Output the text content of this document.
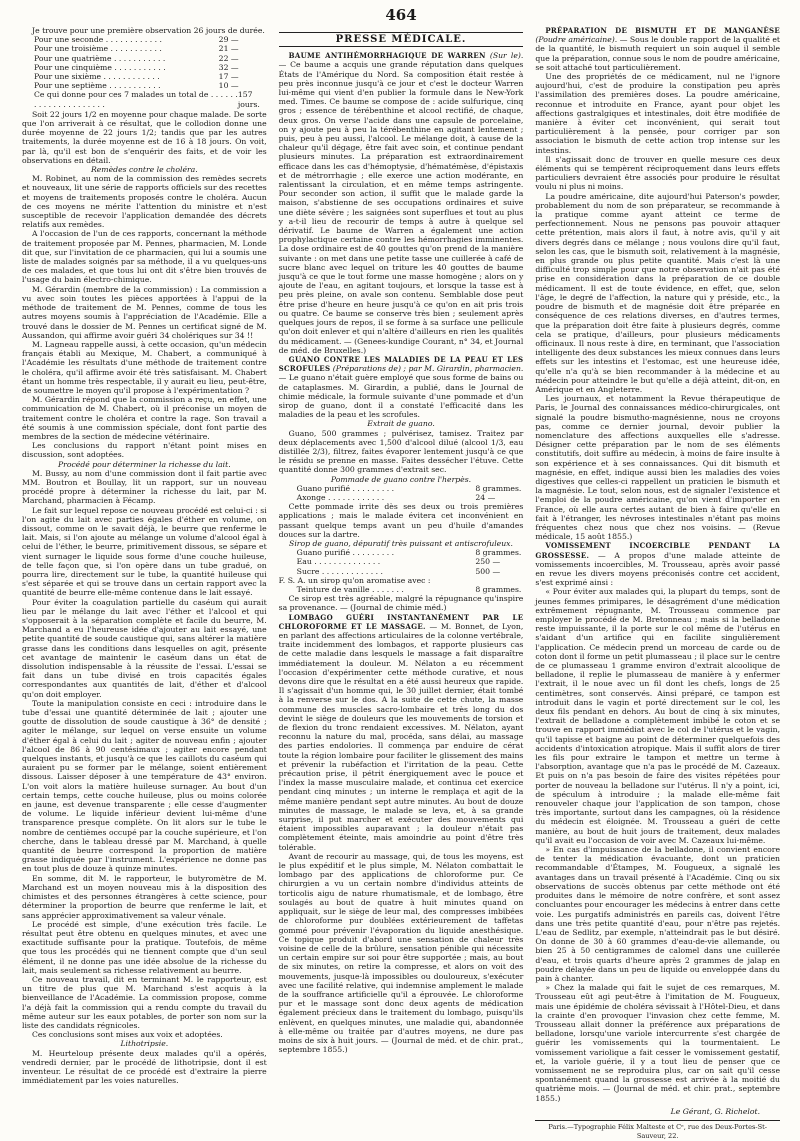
464

Je trouve pour une première observation 26 jours de durée.

Pour une seconde . . . . . . . . . . . .	29 —
Pour une troisième . . . . . . . . . . .	21 —
Pour une quatrième . . . . . . . . . . .	22 —
Pour une cinquième . . . . . . . . . . .	32 —
Pour une sixième . . . . . . . . . . . .	17 —
Pour une septième . . . . . . . . . . .	10 —
Ce qui donne pour ces 7 malades un total de . . . . . . . . . . . . . . . . . . . . .
157 jours.

Soit 22 jours 1/2 en moyenne pour chaque malade. De sorte que l'on arriverait à ce résultat, que le collodion donne une durée moyenne de 22 jours 1/2; tandis que par les autres traitements, la durée moyenne est de 16 à 18 jours. On voit, par là, qu'il est bon de s'enquérir des faits, et de voir les observations en détail.

Remèdes contre le choléra.

M. Robinet, au nom de la commission des remèdes secrets et nouveaux, lit une série de rapports officiels sur des recettes et moyens de traitements proposés contre le choléra. Aucun de ces moyens ne mérite l'attention du ministre et n'est susceptible de recevoir l'application demandée des décrets relatifs aux remèdes.

A l'occasion de l'un de ces rapports, concernant la méthode de traitement proposée par M. Pennes, pharmacien, M. Londe dit que, sur l'invitation de ce pharmacien, qui lui a soumis une liste de malades soignés par sa méthode, il a vu quelques-uns de ces malades, et que tous lui ont dit s'être bien trouvés de l'usage du bain électro-chimique.

M. Gérardin (membre de la commission) : La commission a vu avec soin toutes les pièces apportées à l'appui de la méthode de traitement de M. Pennes, comme de tous les autres moyens soumis à l'appréciation de l'Académie. Elle a trouvé dans le dossier de M. Pennes un certificat signé de M. Aussandon, qui affirme avoir guéri 34 cholériques sur 34 !!

M. Lagneau rappelle aussi, à cette occasion, qu'un médecin français établi au Mexique, M. Chabert, a communiqué à l'Académie les résultats d'une méthode de traitement contre le choléra, qu'il affirme avoir été très satisfaisant. M. Chabert étant un homme très respectable, il y aurait eu lieu, peut-être, de soumettre le moyen qu'il propose à l'expérimentation ?

M. Gérardin répond que la commission a reçu, en effet, une communication de M. Chabert, où il préconise un moyen de traitement contre le choléra et contre la rage. Son travail a été soumis à une commission spéciale, dont font partie des membres de la section de médecine vétérinaire.

Les conclusions du rapport n'étant point mises en discussion, sont adoptées.

Procédé pour déterminer la richesse du lait.

M. Bussy, au nom d'une commission dont il fait partie avec MM. Boutron et Boullay, lit un rapport, sur un nouveau procédé propre à déterminer la richesse du lait, par M. Marchand, pharmacien à Fécamp.

Le fait sur lequel repose ce nouveau procédé est celui-ci : si l'on agite du lait avec parties égales d'éther en volume, on dissout, comme on le savait déjà, le beurre que renferme le lait. Mais, si l'on ajoute au mélange un volume d'alcool égal à celui de l'éther, le beurre, primitivement dissous, se sépare et vient surnager le liquide sous forme d'une couche huileuse, de telle façon que, si l'on opère dans un tube gradué, on pourra lire, directement sur le tube, la quantité huileuse qui s'est séparée et qui se trouve dans un certain rapport avec la quantité de beurre elle-même contenue dans le lait essayé.

Pour éviter la coagulation partielle du caséum qui aurait lieu par le mélange du lait avec l'éther et l'alcool et qui s'opposerait à la séparation complète et facile du beurre, M. Marchand a eu l'heureuse idée d'ajouter au lait essayé, une petite quantité de soude caustique qui, sans altérer la matière grasse dans les conditions dans lesquelles on agit, présente cet avantage de maintenir le caséum dans un état de dissolution indispensable à la réussite de l'essai. L'essai se fait dans un tube divisé en trois capacités égales correspondantes aux quantités de lait, d'éther et d'alcool qu'on doit employer.

Toute la manipulation consiste en ceci : introduire dans le tube d'essai une quantité déterminée de lait ; ajouter une goutte de dissolution de soude caustique à 36° de densité ; agiter le mélange, sur lequel on verse ensuite un volume d'éther égal à celui du lait ; agiter de nouveau enfin ; ajouter l'alcool de 86 à 90 centésimaux ; agiter encore pendant quelques instants, et jusqu'à ce que les caillots du caséum qui auraient pu se former par le mélange, soient entièrement dissous. Laisser déposer à une température de 43° environ. L'on voit alors la matière huileuse surnager. Au bout d'un certain temps, cette couche huileuse, plus ou moins colorée en jaune, est devenue transparente ; elle cesse d'augmenter de volume. Le liquide inférieur devient lui-même d'une transparence presque complète. On lit alors sur le tube le nombre de centièmes occupé par la couche supérieure, et l'on cherche, dans le tableau dressé par M. Marchand, à quelle quantité de beurre correspond la proportion de matière grasse indiquée par l'instrument. L'expérience ne donne pas en tout plus de douze à quinze minutes.

En somme, dit M. le rapporteur, le butyromètre de M. Marchand est un moyen nouveau mis à la disposition des chimistes et des personnes étrangères à cette science, pour déterminer la proportion de beurre que renferme le lait, et sans apprécier approximativement sa valeur vénale.

Le procédé est simple, d'une exécution très facile. Le résultat peut être obtenu en quelques minutes, et avec une exactitude suffisante pour la pratique. Toutefois, de même que tous les procédés qui ne tiennent compte que d'un seul élément, il ne donne pas une idée absolue de la richesse du lait, mais seulement sa richesse relativement au beurre.

Ce nouveau travail, dit en terminant M. le rapporteur, est un titre de plus que M. Marchand s'est acquis à la bienveillance de l'Académie. La commission propose, comme l'a déjà fait la commission qui a rendu compte du travail du même auteur sur les eaux potables, de porter son nom sur la liste des candidats régnicoles.

Ces conclusions sont mises aux voix et adoptées.

Lithotripsie.

M. Heurteloup présente deux malades qu'il a opérés, vendredi dernier, par le procédé de lithotripsie, dont il est inventeur. Le résultat de ce procédé est d'extraire la pierre immédiatement par les voies naturelles.

PRESSE MÉDICALE.

BAUME ANTIHÉMORRHAGIQUE DE WARREN (Sur le). — Ce baume a acquis une grande réputation dans quelques États de l'Amérique du Nord. Sa composition était restée à peu près inconnue jusqu'à ce jour et c'est le docteur Warren lui-même qui vient d'en publier la formule dans le New-York med. Times. Ce baume se compose de : acide sulfurique, cinq gros ; essence de térébenthine et alcool rectifié, de chaque, deux gros. On verse l'acide dans une capsule de porcelaine, on y ajoute peu à peu la térébenthine en agitant lentement ; puis, peu à peu aussi, l'alcool. Le mélange doit, à cause de la chaleur qu'il dégage, être fait avec soin, et continue pendant plusieurs minutes. La préparation est extraordinairement efficace dans les cas d'hémoptysie, d'hématémèse, d'épistaxis et de métrorrhagie ; elle exerce une action modérante, en ralentissant la circulation, et en même temps astringente. Pour seconder son action, il suffit que le malade garde la maison, s'abstienne de ses occupations ordinaires et suive une diète sévère ; les saignées sont superflues et tout au plus y a-t-il lieu de recourir de temps à autre à quelque sel dérivatif. Le baume de Warren a également une action prophylactique certaine contre les hémorrhagies imminentes. La dose ordinaire est de 40 gouttes qu'on prend de la manière suivante : on met dans une petite tasse une cuillerée à café de sucre blanc avec lequel on triture les 40 gouttes de baume jusqu'à ce que le tout forme une masse homogène ; alors on y ajoute de l'eau, en agitant toujours, et lorsque la tasse est à peu près pleine, on avale son contenu. Semblable dose peut être prise d'heure en heure jusqu'à ce qu'on en ait pris trois ou quatre. Ce baume se conserve très bien ; seulement après quelques jours de repos, il se forme à sa surface une pellicule qu'on doit enlever et qui n'altère d'ailleurs en rien les qualités du médicament. — (Genees-kundige Courant, n° 34, et Journal de méd. de Bruxelles.)

GUANO CONTRE LES MALADIES DE LA PEAU ET LES SCROFULES (Préparations de) ; par M. Girardin, pharmacien. — Le guano n'était guère employé que sous forme de bains ou de cataplasmes. M. Girardin, a publié, dans le Journal de chimie médicale, la formule suivante d'une pommade et d'un sirop de guano, dont il a constaté l'efficacité dans les maladies de la peau et les scrofules.

Extrait de guano.

Guano, 500 grammes ; pulvérisez, tamisez. Traitez par deux déplacements avec 1,500 d'alcool dilué (alcool 1/3, eau distillée 2/3), filtrez, faites évaporer lentement jusqu'à ce que le résidu se prenne en masse. Faites dessécher l'étuve. Cette quantité donne 300 grammes d'extrait sec.

Pommade de guano contre l'herpès.

Guano purifié . . . . . . . . .	8 grammes.
Axonge . . . . . . . . . . . .	24 —

Cette pommade irrite dès ses deux ou trois premières applications ; mais le malade évitera cet inconvénient en passant quelque temps avant un peu d'huile d'amandes douces sur la dartre.

Sirop de guano, dépuratif très puissant et antiscrofuleux.

Guano purifié . . . . . . . . .	8 grammes.
Eau . . . . . . . . . . . . . .	250 —
Sucre . . . . . . . . . . . . .	500 —

F. S. A. un sirop qu'on aromatise avec :

Teinture de vanille . . . . . . .	8 grammes.

Ce sirop est très agréable, malgré la répugnance qu'inspire sa provenance. — (Journal de chimie méd.)

LOMBAGO GUÉRI INSTANTANÉMENT PAR LE CHLOROFORME ET LE MASSAGE. — M. Bonnet, de Lyon, en parlant des affections articulaires de la colonne vertébrale, traite incidemment des lombagos, et rapporte plusieurs cas de cette maladie dans lesquels le massage a fait disparaître immédiatement la douleur. M. Nélaton a eu récemment l'occasion d'expérimenter cette méthode curative, et nous devons dire que le résultat en a été aussi heureux que rapide. Il s'agissait d'un homme qui, le 30 juillet dernier, était tombé à la renverse sur le dos. A la suite de cette chute, la masse commune des muscles sacro-lombaire et très long du dos devint le siège de douleurs que les mouvements de torsion et de flexion du tronc rendaient excessives. M. Nélaton, ayant reconnu la nature du mal, procéda, sans délai, au massage des parties endolories. Il commença par enduire de cérat toute la région lombaire pour faciliter le glissement des mains et prévenir la rubéfaction et l'irritation de la peau. Cette précaution prise, il pétrit énergiquement avec le pouce et l'index la masse musculaire malade, et continua cet exercice pendant cinq minutes ; un interne le remplaça et agit de la même manière pendant sept autre minutes. Au bout de douze minutes de massage, le malade se leva, et, à sa grande surprise, il put marcher et exécuter des mouvements qui étaient impossibles auparavant ; la douleur n'était pas complètement éteinte, mais amoindrie au point d'être très tolérable.

Avant de recourir au massage, qui, de tous les moyens, est le plus expéditif et le plus simple, M. Nélaton combattait le lombago par des applications de chloroforme pur. Ce chirurgien a vu un certain nombre d'individus atteints de torticolis aigu de nature rhumatismale, et de lombago, être soulagés au bout de quatre à huit minutes quand on appliquait, sur le siège de leur mal, des compresses imbibées de chloroforme pur doublées extérieurement de taffetas gommé pour prévenir l'évaporation du liquide anesthésique. Ce topique produit d'abord une sensation de chaleur très voisine de celle de la brûlure, sensation pénible qui nécessite un certain empire sur soi pour être supportée ; mais, au bout de six minutes, on retire la compresse, et alors on voit des mouvements, jusque-là impossibles ou douloureux, s'exécuter avec une facilité relative, qui indemnise amplement le malade de la souffrance artificielle qu'il a éprouvée. Le chloroforme pur et le massage sont donc deux agents de médication également précieux dans le traitement du lombago, puisqu'ils enlèvent, en quelques minutes, une maladie qui, abandonnée à elle-même ou traitée par d'autres moyens, ne dure pas moins de six à huit jours. — (Journal de méd. et de chir. prat., septembre 1855.)

PRÉPARATION DE BISMUTH ET DE MANGANÈSE (Poudre américaine). — Sous le double rapport de la qualité et de la quantité, le bismuth requiert un soin auquel il semble que la préparation, connue sous le nom de poudre américaine, se soit attaché tout particulièrement.

Une des propriétés de ce médicament, nul ne l'ignore aujourd'hui, c'est de produire la constipation peu après l'assimilation des premières doses. La poudre américaine, reconnue et introduite en France, ayant pour objet les affections gastralgiques et intestinales, doit être modifiée de manière à éviter cet inconvénient, qui serait tout particulièrement à la pensée, pour corriger par son association le bismuth de cette action trop intense sur les intestins.

Il s'agissait donc de trouver en quelle mesure ces deux éléments qui se tempèrent réciproquement dans leurs effets particuliers devraient être associés pour produire le résultat voulu ni plus ni moins.

La poudre américaine, dite aujourd'hui Paterson's powder, probablement du nom de son préparateur, se recommande à la pratique comme ayant atteint ce terme de perfectionnement. Nous ne pensons pas pouvoir attaquer cette prétention, mais alors il faut, à notre avis, qu'il y ait divers degrés dans ce mélange ; nous voulons dire qu'il faut, selon les cas, que le bismuth soit, relativement à la magnésie, en plus grande ou plus petite quantité. Mais c'est là une difficulté trop simple pour que notre observation n'ait pas été prise en considération dans la préparation de ce double médicament. Il est de toute évidence, en effet, que, selon l'âge, le degré de l'affection, la nature qui y préside, etc., la poudre de bismuth et de magnésie doit être préparée en conséquence de ces relations diverses, en d'autres termes, que la préparation doit être faite à plusieurs degrés, comme cela se pratique, d'ailleurs, pour plusieurs médicaments officinaux. Il nous reste à dire, en terminant, que l'association intelligente des deux substances les mieux connues dans leurs effets sur les intestins et l'estomac, est une heureuse idée, qu'elle n'a qu'à se bien recommander à la médecine et au médecin pour atteindre le but qu'elle a déjà atteint, dit-on, en Amérique et en Angleterre.

Les journaux, et notamment la Revue thérapeutique de Paris, le Journal des connaissances médico-chirurgicales, ont signalé la poudre bismutho-magnésienne, nous ne croyons pas, comme ce dernier journal, devoir publier la nomenclature des affections auxquelles elle s'adresse. Désigner cette préparation par le nom de ses éléments constitutifs, doit suffire au médecin, à moins de faire insulte à son expérience et à ses connaissances. Qui dit bismuth et magnésie, en effet, indique aussi bien les maladies des voies digestives que celles-ci rappellent un praticien le bismuth et la magnésie. Le tout, selon nous, est de signaler l'existence et l'emploi de la poudre américaine, qu'on vient d'importer en France, où elle aura certes autant de bien à faire qu'elle en fait à l'étranger, les névroses intestinales n'étant pas moins fréquentes chez nous que chez nos voisins. — (Revue médicale, 15 août 1855.)

VOMISSEMENT INCOERCIBLE PENDANT LA GROSSESSE. — A propos d'une malade atteinte de vomissements incoercibles, M. Trousseau, après avoir passé en revue les divers moyens préconisés contre cet accident, s'est exprimé ainsi :

« Pour éviter aux malades qui, la plupart du temps, sont de jeunes femmes primipares, le désagrément d'une médication extrêmement répugnante, M. Trousseau commence par employer le procédé de M. Bretonneau ; mais si la belladone reste impuissante, il la porte sur le col même de l'utérus en s'aidant d'un artifice qui en facilite singulièrement l'application. Ce médecin prend un morceau de carde ou de coton dont il forme un petit plumasseau ; il place sur le centre de ce plumasseau 1 gramme environ d'extrait alcoolique de belladone, il replie le plumasseau de manière à y enfermer l'extrait, il le noue avec un fil dont les chefs, longs de 25 centimètres, sont conservés. Ainsi préparé, ce tampon est introduit dans le vagin et porté directement sur le col, les deux fils pendant en dehors. Au bout de cinq à six minutes, l'extrait de belladone a complètement imbibé le coton et se trouve en rapport immédiat avec le col de l'utérus et le vagin, qu'il tapisse et baigne au point de déterminer quelquefois des accidents d'intoxication atropique. Mais il suffit alors de tirer les fils pour extraire le tampon et mettre un terme à l'absorption, avantage que n'a pas le procédé de M. Cazeaux. Et puis on n'a pas besoin de faire des visites répétées pour porter de nouveau la belladone sur l'utérus. Il n'y a point, ici, de spéculum à introduire ; la malade elle-même fait renouveler chaque jour l'application de son tampon, chose très importante, surtout dans les campagnes, où la résidence du médecin est éloignée. M. Trousseau a guéri de cette manière, au bout de huit jours de traitement, deux malades qu'il avait eu l'occasion de voir avec M. Cazeaux lui-même.

» En cas d'impuissance de la belladone, il convient encore de tenter la médication évacuante, dont un praticien recommandable d'Étampes, M. Fougueux, a signalé les avantages dans un travail présenté à l'Académie. Cinq ou six observations de succès obtenus par cette méthode ont été produites dans le mémoire de notre confrère, et sont assez concluantes pour encourager les médecins à entrer dans cette voie. Les purgatifs administrés en pareils cas, doivent l'être dans une très petite quantité d'eau, pour n'être pas rejetés. L'eau de Sedlitz, par exemple, n'atteindrait pas le but désiré. On donne de 30 à 60 grammes d'eau-de-vie allemande, ou bien 25 à 50 centigrammes de calomel dans une cuillerée d'eau, et trois quarts d'heure après 2 grammes de jalap en poudre délayée dans un peu de liquide ou enveloppée dans du pain à chanter.

» Chez la malade qui fait le sujet de ces remarques, M. Trousseau eût agi peut-être à l'imitation de M. Fougueux, mais une épidémie de choléra sévissait à l'Hôtel-Dieu, et dans la crainte d'en provoquer l'invasion chez cette femme, M. Trousseau allait donner la préférence aux préparations de belladone, lorsqu'une variole intercurrente s'est chargée de guérir les vomissements qui la tourmentaient. Le vomissement variolique a fait cesser le vomissement gestatif, et, la variole guérie, il y a tout lieu de penser que ce vomissement ne se reproduira plus, car on sait qu'il cesse spontanément quand la grossesse est arrivée à la moitié du quatrième mois. — (Journal de méd. et chir. prat., septembre 1855.)

Le Gérant, G. Richelot.
Paris.—Typographie Félix Malteste et Cᵉ, rue des Deux-Portes-St-Sauveur, 22.
